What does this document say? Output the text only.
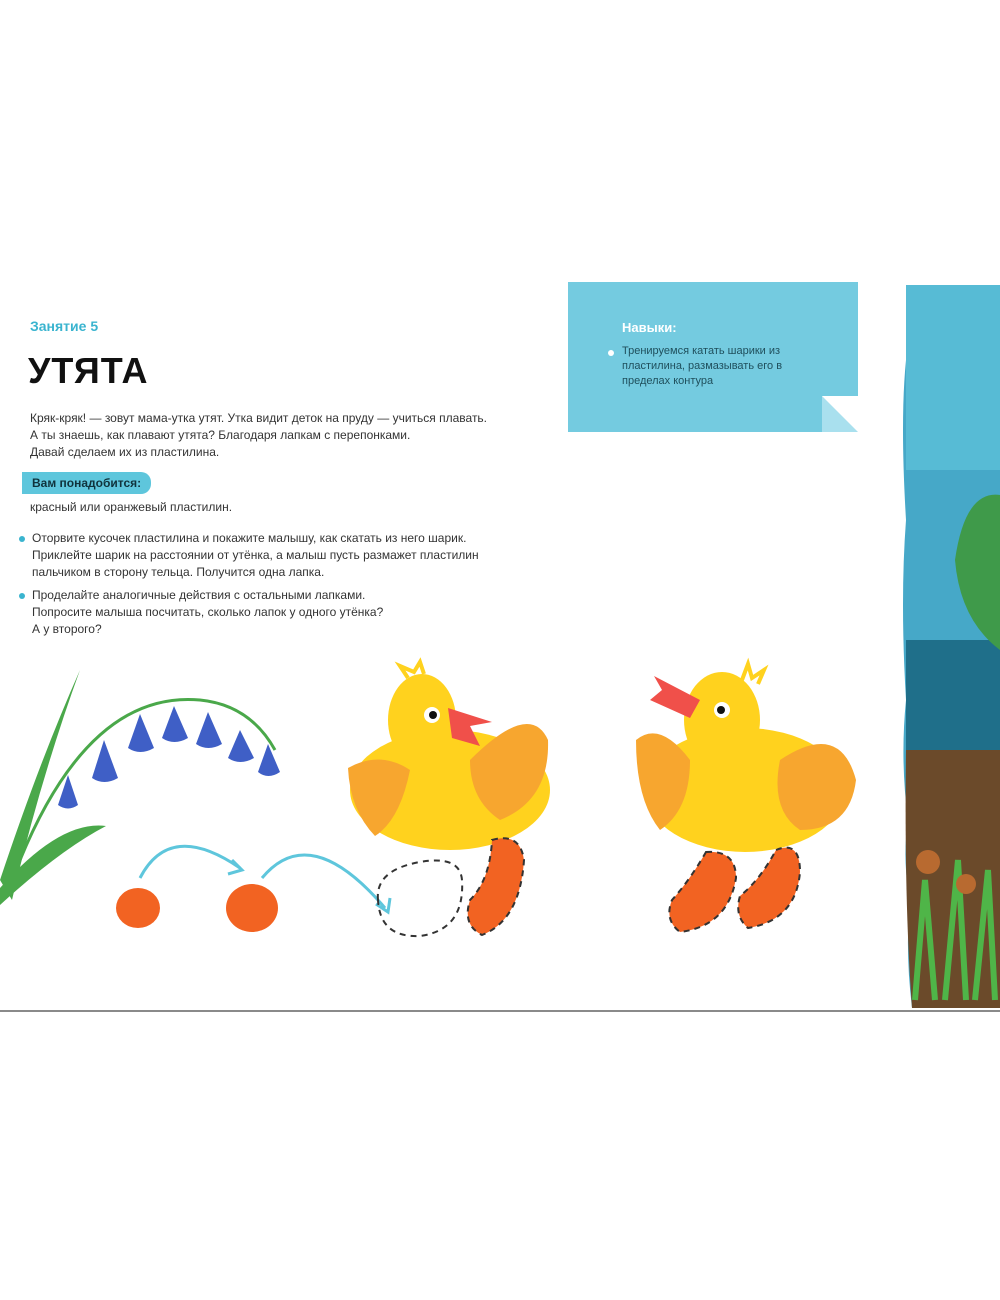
Занятие 5
УТЯТА
Кряк-кряк! — зовут мама-утка утят. Утка видит деток на пруду — учиться плавать.
А ты знаешь, как плавают утята? Благодаря лапкам с перепонками.
Давай сделаем их из пластилина.
Вам понадобится:
красный или оранжевый пластилин.
Оторвите кусочек пластилина и покажите малышу, как скатать из него шарик.
Приклейте шарик на расстоянии от утёнка, а малыш пусть размажет пластилин
пальчиком в сторону тельца. Получится одна лапка.
Проделайте аналогичные действия с остальными лапками.
Попросите малыша посчитать, сколько лапок у одного утёнка?
А у второго?
Навыки:
Тренируемся катать шарики из пластилина, размазывать его в пределах контура
